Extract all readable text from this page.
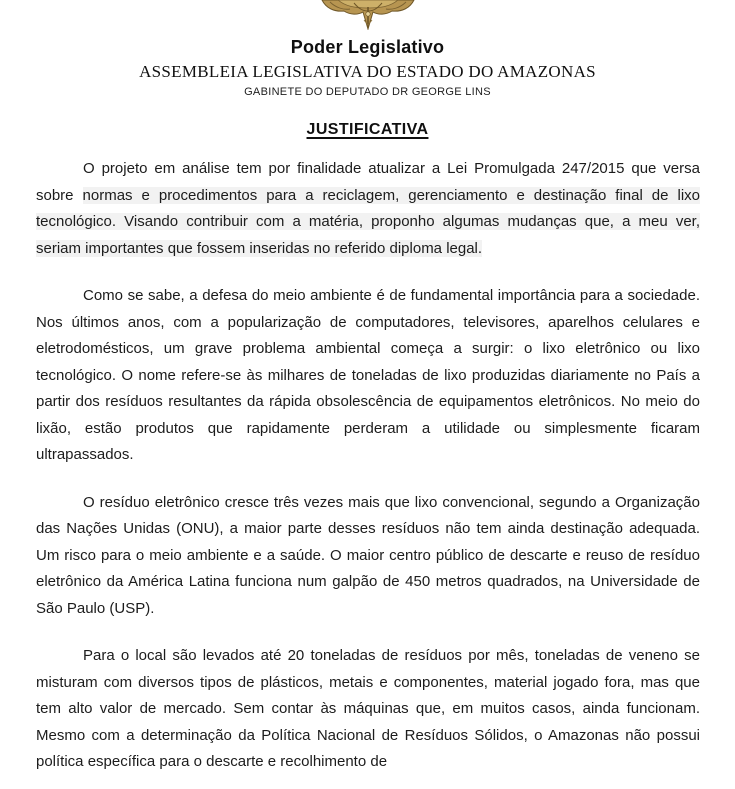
Poder Legislativo
ASSEMBLEIA LEGISLATIVA DO ESTADO DO AMAZONAS
GABINETE DO DEPUTADO DR GEORGE LINS
JUSTIFICATIVA

O projeto em análise tem por finalidade atualizar a Lei Promulgada 247/2015 que versa sobre normas e procedimentos para a reciclagem, gerenciamento e destinação final de lixo tecnológico. Visando contribuir com a matéria, proponho algumas mudanças que, a meu ver, seriam importantes que fossem inseridas no referido diploma legal.

Como se sabe, a defesa do meio ambiente é de fundamental importância para a sociedade. Nos últimos anos, com a popularização de computadores, televisores, aparelhos celulares e eletrodomésticos, um grave problema ambiental começa a surgir: o lixo eletrônico ou lixo tecnológico. O nome refere-se às milhares de toneladas de lixo produzidas diariamente no País a partir dos resíduos resultantes da rápida obsolescência de equipamentos eletrônicos. No meio do lixão, estão produtos que rapidamente perderam a utilidade ou simplesmente ficaram ultrapassados.

O resíduo eletrônico cresce três vezes mais que lixo convencional, segundo a Organização das Nações Unidas (ONU), a maior parte desses resíduos não tem ainda destinação adequada. Um risco para o meio ambiente e a saúde. O maior centro público de descarte e reuso de resíduo eletrônico da América Latina funciona num galpão de 450 metros quadrados, na Universidade de São Paulo (USP).

Para o local são levados até 20 toneladas de resíduos por mês, toneladas de veneno se misturam com diversos tipos de plásticos, metais e componentes, material jogado fora, mas que tem alto valor de mercado. Sem contar às máquinas que, em muitos casos, ainda funcionam. Mesmo com a determinação da Política Nacional de Resíduos Sólidos, o Amazonas não possui política específica para o descarte e recolhimento de
